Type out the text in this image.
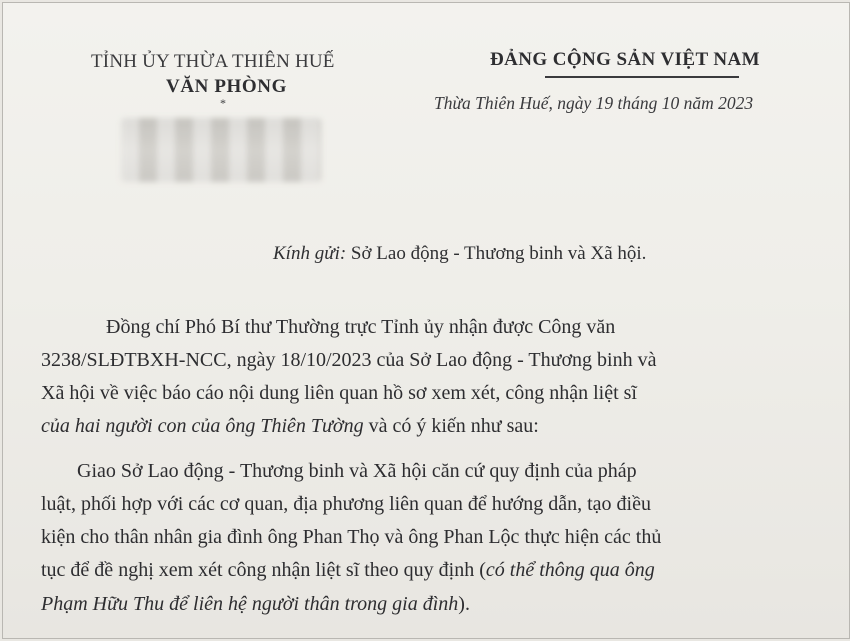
TỈNH ỦY THỪA THIÊN HUẾ
VĂN PHÒNG
*
ĐẢNG CỘNG SẢN VIỆT NAM
Thừa Thiên Huế, ngày 19 tháng 10 năm 2023
Kính gửi: Sở Lao động - Thương binh và Xã hội.
Đồng chí Phó Bí thư Thường trực Tỉnh ủy nhận được Công văn
3238/SLĐTBXH-NCC, ngày 18/10/2023 của Sở Lao động - Thương binh và
Xã hội về việc báo cáo nội dung liên quan hồ sơ xem xét, công nhận liệt sĩ
của hai người con của ông Thiên Tường và có ý kiến như sau:
Giao Sở Lao động - Thương binh và Xã hội căn cứ quy định của pháp
luật, phối hợp với các cơ quan, địa phương liên quan để hướng dẫn, tạo điều
kiện cho thân nhân gia đình ông Phan Thọ và ông Phan Lộc thực hiện các thủ
tục để đề nghị xem xét công nhận liệt sĩ theo quy định (có thể thông qua ông
Phạm Hữu Thu để liên hệ người thân trong gia đình).
